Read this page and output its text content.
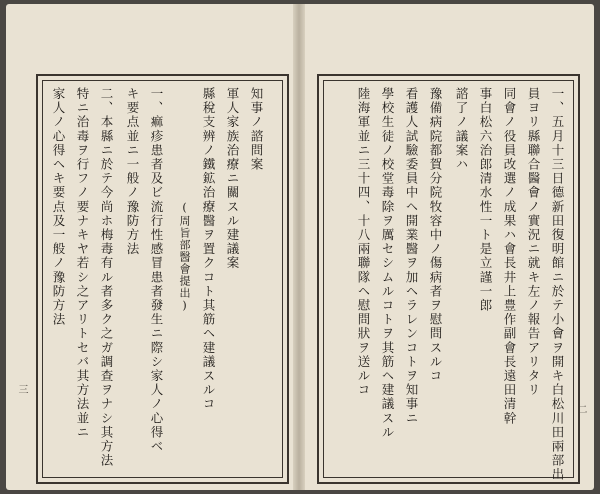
知事ノ諮問案
軍人家族治療ニ關スル建議案
縣稅支辨ノ鐵鉱治療醫ヲ置クコト其筋ヘ建議スルコ
(周旨部醫會提出)
一、痲疹患者及ビ流行性感冒患者發生ニ際シ家人ノ心得ベ
キ要点並ニ一般ノ豫防方法
二、本縣ニ於テ今尚ホ梅毒有ル者多ク之ガ調查ヲナシ其方法
特ニ治毒ヲ行フノ要ナキヤ若シ之アリトセバ其方法並ニ
家人ノ心得ヘキ要点及一般ノ豫防方法
三	一、五月十三日德新田復明館ニ於テ小會ヲ開キ白松川田兩部出
員ヨリ縣聯合醫會ノ實況ニ就キ左ノ報告アリタリ
同會ノ役員改選ノ成果ハ會長井上豊作副會長遠田清幹
事白松六治郎清水性一ト是立謹一郎
諮了ノ議案ハ
豫備病院都賀分院牧容中ノ傷病者ヲ慰問スルコ
看護人試驗委員中ヘ開業醫ヲ加ヘラレンコトヲ知事ニ
學校生徒ノ校堂毒除ヲ厲セシムルコトヲ其筋ヘ建議スル
陸海軍並ニ三十四、十八兩聯隊ヘ慰問狀ヲ送ルコ
二
